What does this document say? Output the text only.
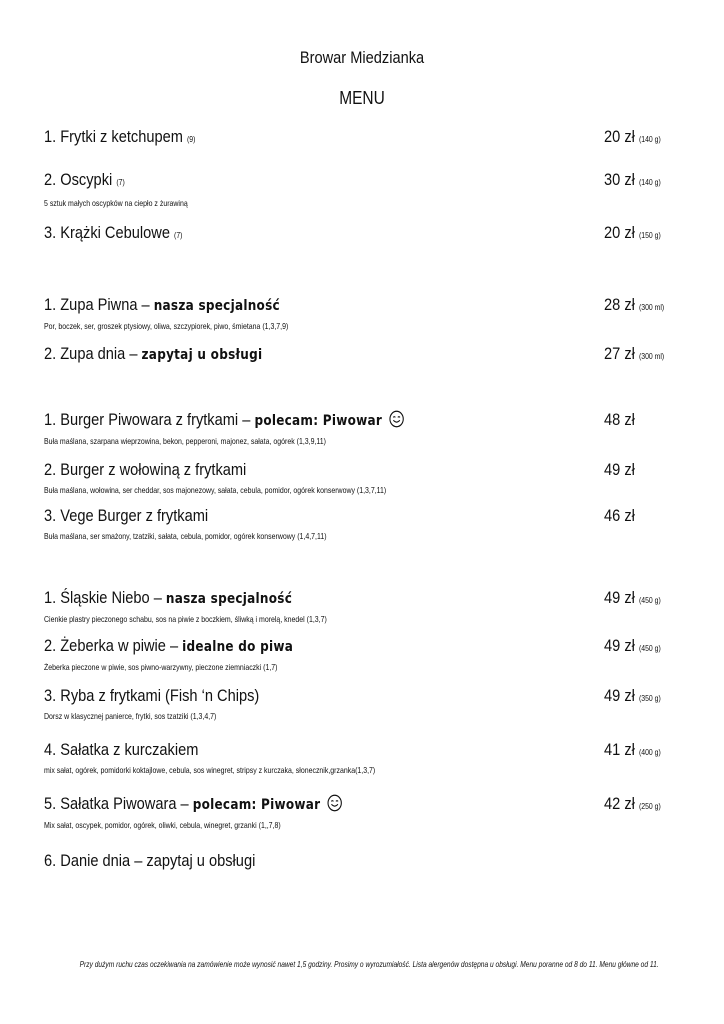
Browar Miedzianka
MENU
1. Frytki z ketchupem (9)	20 zł (140 g)
2. Oscypki (7)
5 sztuk małych oscypków na ciepło z żurawiną
30 zł (140 g)
3. Krążki Cebulowe (7)	20 zł (150 g)
1. Zupa Piwna – nasza specjalność
Por, boczek, ser, groszek ptysiowy, oliwa, szczypiorek, piwo, śmietana (1,3,7,9)
28 zł (300 ml)
2. Zupa dnia – zapytaj u obsługi	27 zł (300 ml)
1. Burger Piwowara z frytkami – polecam: Piwowar
Buła maślana, szarpana wieprzowina, bekon, pepperoni, majonez, sałata, ogórek (1,3,9,11)
48 zł
2. Burger z wołowiną z frytkami
Buła maślana, wołowina, ser cheddar, sos majonezowy, sałata, cebula, pomidor, ogórek konserwowy (1,3,7,11)
49 zł
3. Vege Burger z frytkami
Buła maślana, ser smażony, tzatziki, sałata, cebula, pomidor, ogórek konserwowy (1,4,7,11)
46 zł
1. Śląskie Niebo – nasza specjalność
Cienkie plastry pieczonego schabu, sos na piwie z boczkiem, śliwką i morelą, knedel (1,3,7)
49 zł (450 g)
2. Żeberka w piwie – idealne do piwa
Żeberka pieczone w piwie, sos piwno-warzywny, pieczone ziemniaczki (1,7)
49 zł (450 g)
3. Ryba z frytkami (Fish ‘n Chips)
Dorsz w klasycznej panierce, frytki, sos tzatziki (1,3,4,7)
49 zł (350 g)
4. Sałatka z kurczakiem
mix sałat, ogórek, pomidorki koktajlowe, cebula, sos winegret, stripsy z kurczaka, słonecznik,grzanka(1,3,7)
41 zł (400 g)
5. Sałatka Piwowara – polecam: Piwowar
Mix sałat, oscypek, pomidor, ogórek, oliwki, cebula, winegret, grzanki (1,,7,8)
42 zł (250 g)
6. Danie dnia – zapytaj u obsługi
Przy dużym ruchu czas oczekiwania na zamówienie może wynosić nawet 1,5 godziny. Prosimy o wyrozumiałość. Lista alergenów dostępna u obsługi. Menu poranne od 8 do 11. Menu główne od 11.
